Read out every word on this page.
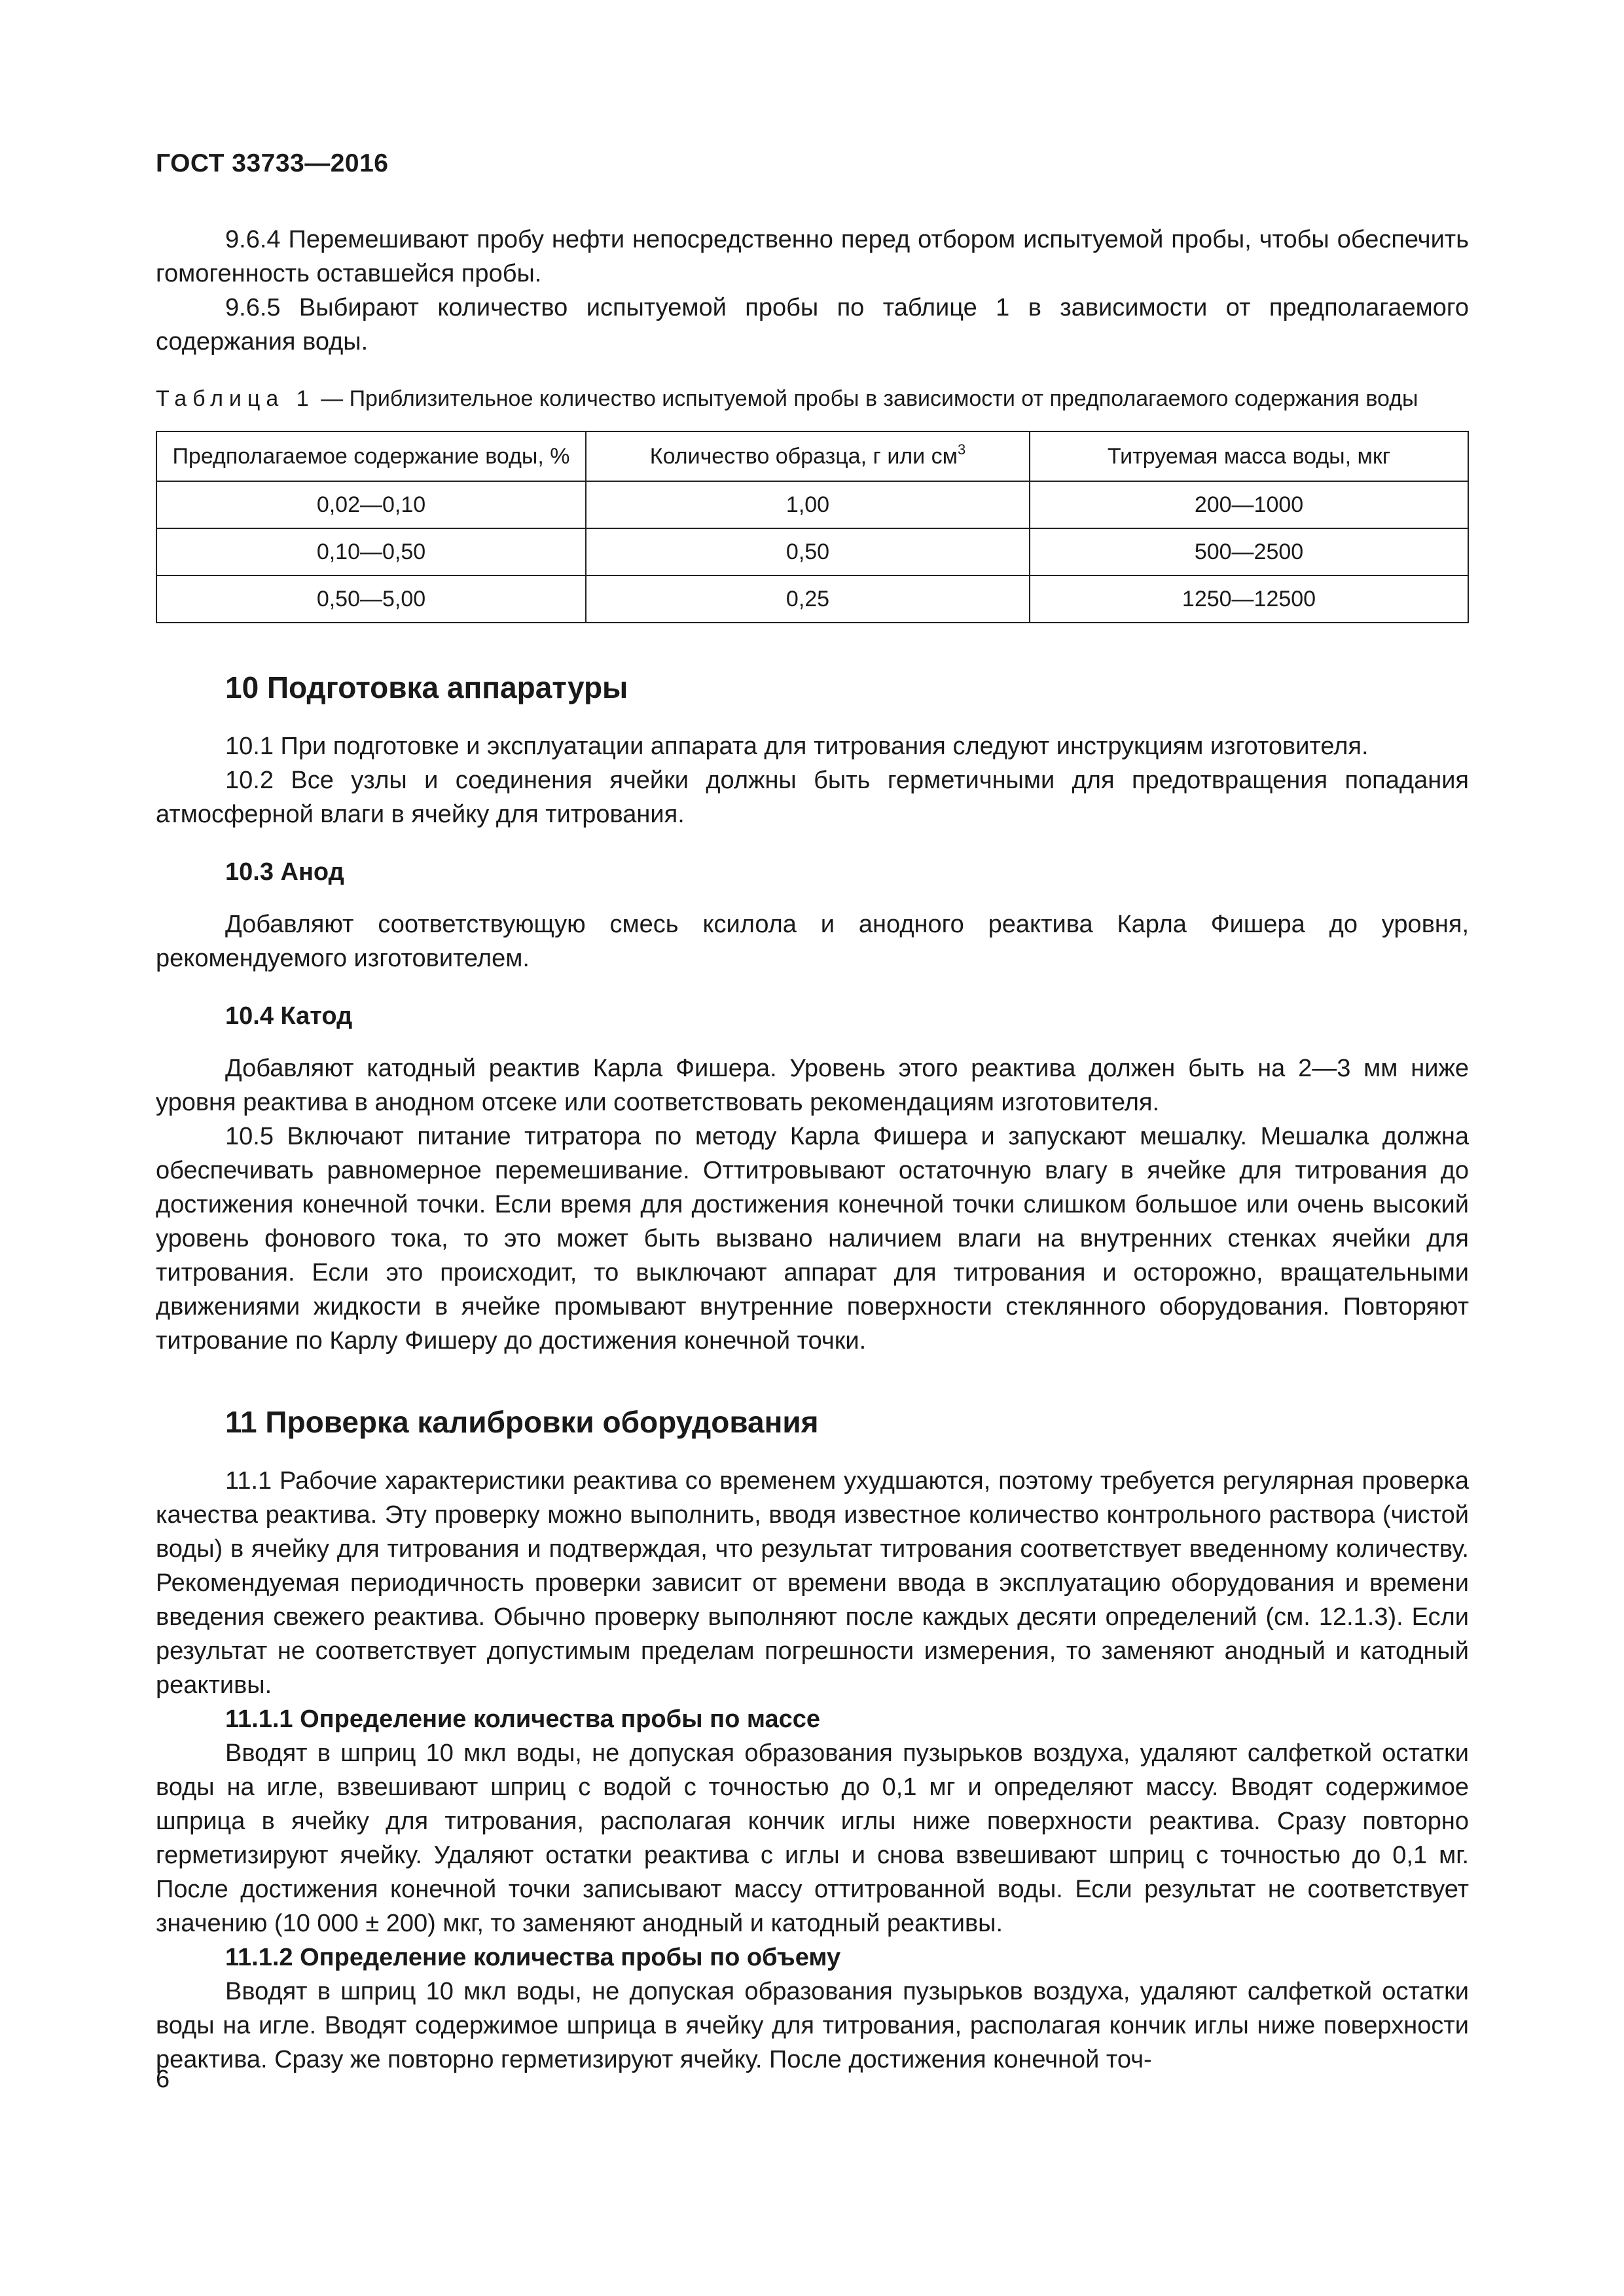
ГОСТ 33733—2016

9.6.4 Перемешивают пробу нефти непосредственно перед отбором испытуемой пробы, чтобы обеспечить гомогенность оставшейся пробы.

9.6.5 Выбирают количество испытуемой пробы по таблице 1 в зависимости от предполагаемого содержания воды.

Таблица 1 — Приблизительное количество испытуемой пробы в зависимости от предполагаемого содержания воды
Предполагаемое содержание воды, %	Количество образца, г или $см^3$	Титруемая масса воды, мкг
0,02—0,10	1,00	200—1000
0,10—0,50	0,50	500—2500
0,50—5,00	0,25	1250—12500
10 Подготовка аппаратуры

10.1 При подготовке и эксплуатации аппарата для титрования следуют инструкциям изготовителя.

10.2 Все узлы и соединения ячейки должны быть герметичными для предотвращения попадания атмосферной влаги в ячейку для титрования.

10.3 Анод

Добавляют соответствующую смесь ксилола и анодного реактива Карла Фишера до уровня, рекомендуемого изготовителем.

10.4 Катод

Добавляют катодный реактив Карла Фишера. Уровень этого реактива должен быть на 2—3 мм ниже уровня реактива в анодном отсеке или соответствовать рекомендациям изготовителя.

10.5 Включают питание титратора по методу Карла Фишера и запускают мешалку. Мешалка должна обеспечивать равномерное перемешивание. Оттитровывают остаточную влагу в ячейке для титрования до достижения конечной точки. Если время для достижения конечной точки слишком большое или очень высокий уровень фонового тока, то это может быть вызвано наличием влаги на внутренних стенках ячейки для титрования. Если это происходит, то выключают аппарат для титрования и осторожно, вращательными движениями жидкости в ячейке промывают внутренние поверхности стеклянного оборудования. Повторяют титрование по Карлу Фишеру до достижения конечной точки.

11 Проверка калибровки оборудования

11.1 Рабочие характеристики реактива со временем ухудшаются, поэтому требуется регулярная проверка качества реактива. Эту проверку можно выполнить, вводя известное количество контрольного раствора (чистой воды) в ячейку для титрования и подтверждая, что результат титрования соответствует введенному количеству. Рекомендуемая периодичность проверки зависит от времени ввода в эксплуатацию оборудования и времени введения свежего реактива. Обычно проверку выполняют после каждых десяти определений (см. 12.1.3). Если результат не соответствует допустимым пределам погрешности измерения, то заменяют анодный и катодный реактивы.

11.1.1 Определение количества пробы по массе

Вводят в шприц 10 мкл воды, не допуская образования пузырьков воздуха, удаляют салфеткой остатки воды на игле, взвешивают шприц с водой с точностью до 0,1 мг и определяют массу. Вводят содержимое шприца в ячейку для титрования, располагая кончик иглы ниже поверхности реактива. Сразу повторно герметизируют ячейку. Удаляют остатки реактива с иглы и снова взвешивают шприц с точностью до 0,1 мг. После достижения конечной точки записывают массу оттитрованной воды. Если результат не соответствует значению (10 000 ± 200) мкг, то заменяют анодный и катодный реактивы.

11.1.2 Определение количества пробы по объему

Вводят в шприц 10 мкл воды, не допуская образования пузырьков воздуха, удаляют салфеткой остатки воды на игле. Вводят содержимое шприца в ячейку для титрования, располагая кончик иглы ниже поверхности реактива. Сразу же повторно герметизируют ячейку. После достижения конечной точ-

6
